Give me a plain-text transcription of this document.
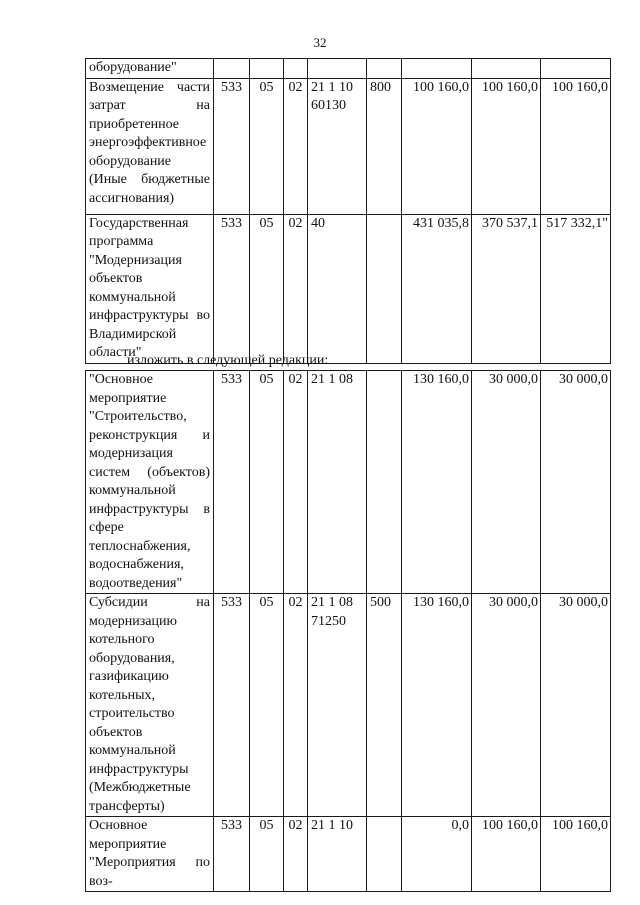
32
оборудование"								
Возмещение части затрат на приобретенное энергоэффективное оборудование (Иные бюджетные ассигнования)	533	05	02	21 1 10 60130	800	100 160,0	100 160,0	100 160,0
Государственная программа "Модернизация объектов коммунальной инфраструктуры во Владимирской области"	533	05	02	40		431 035,8	370 537,1	517 332,1"
изложить в следующей редакции:
"Основное мероприятие "Строительство, реконструкция и модернизация систем (объектов) коммунальной инфраструктуры в сфере теплоснабжения, водоснабжения, водоотведения"	533	05	02	21 1 08		130 160,0	30 000,0	30 000,0
Субсидии на модернизацию котельного оборудования, газификацию котельных, строительство объектов коммунальной инфраструктуры (Межбюджетные трансферты)	533	05	02	21 1 08 71250	500	130 160,0	30 000,0	30 000,0
Основное мероприятие "Мероприятия по воз-	533	05	02	21 1 10		0,0	100 160,0	100 160,0
